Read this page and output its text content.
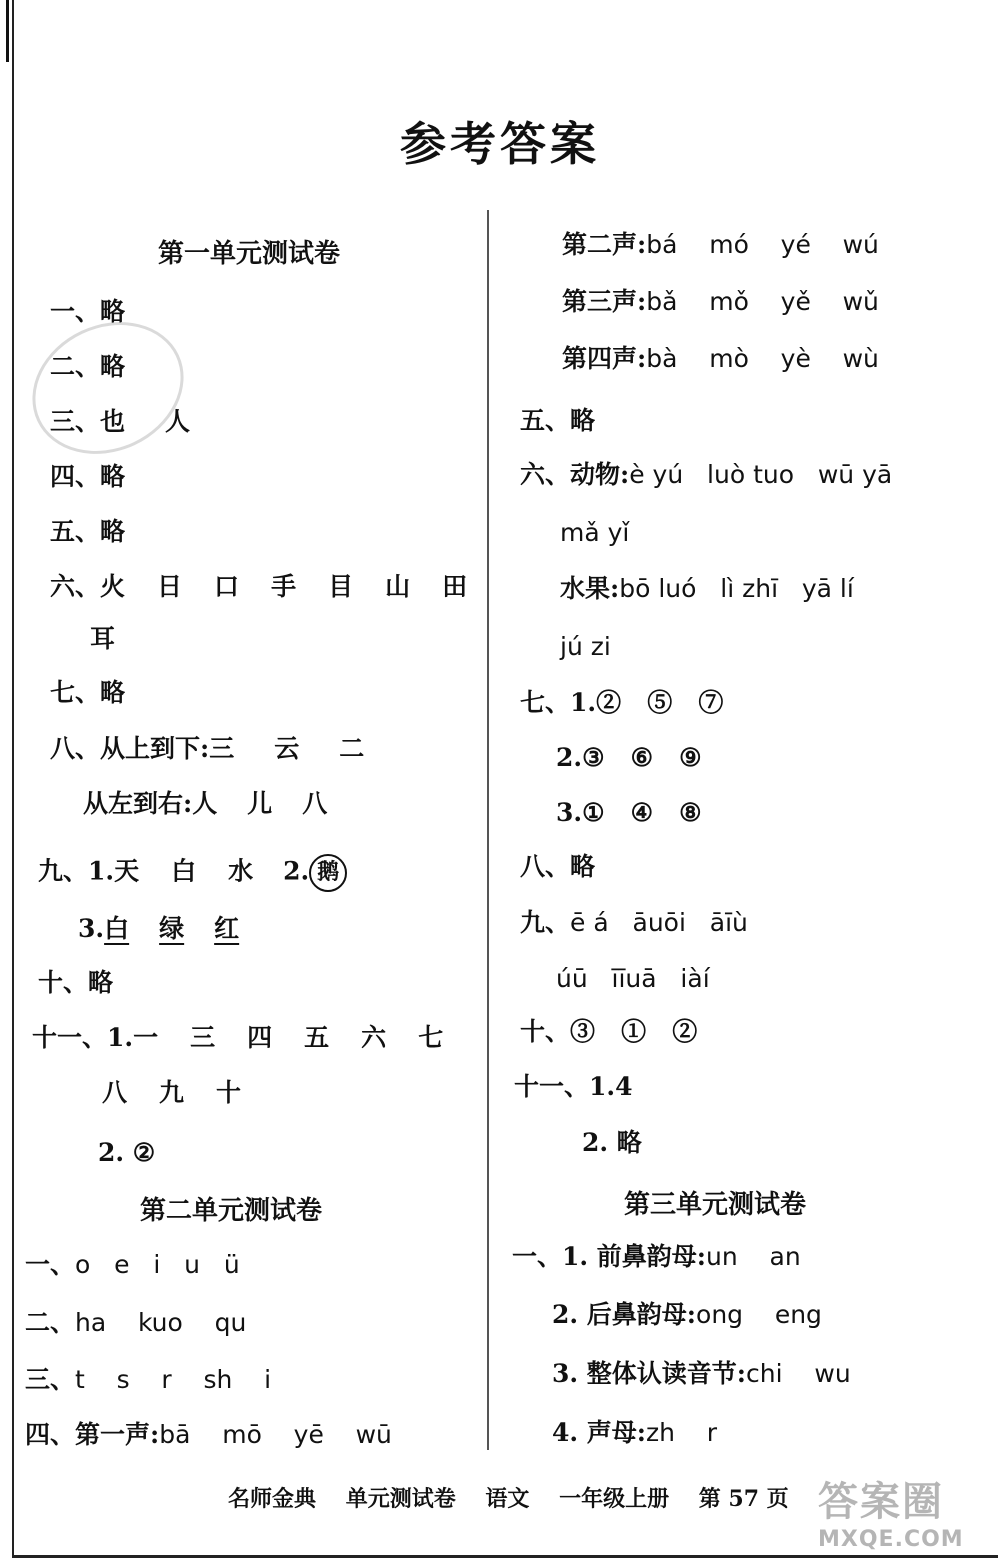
参考答案
第一单元测试卷
一、略
二、略
三、也 人
四、略
五、略
六、火 日 口 手 目 山 田
耳
七、略
八、从上到下:三 云 二
从左到右:人 儿 八
九、1.天 白 水 2. 鹅
3.白 绿 红
十、略
十一、1.一 三 四 五 六 七
八 九 十
2. ②
第二单元测试卷
一、o   e   i   u   ü
二、ha    kuo    qu
三、t    s    r    sh    i
四、第一声:bā    mō    yē    wū
第二声:bá    mó    yé    wú
第三声:bǎ    mǒ    yě    wǔ
第四声:bà    mò    yè    wù
五、略
六、动物:è yú   luò tuo   wū yā
mǎ yǐ
水果:bō luó   lì zhī   yā lí
jú zi
七、1.②   ⑤   ⑦
2.③   ⑥   ⑨
3.①   ④   ⑧
八、略
九、ē á   āuōi   āīù
úū   īīuā   iàí
十、③   ①   ②
十一、1.4
2. 略
第三单元测试卷
一、1. 前鼻韵母:un    an
2. 后鼻韵母:ong    eng
3. 整体认读音节:chi    wu
4. 声母:zh    r
名师金典 单元测试卷 语文 一年级上册 第 57 页 答案圈
MXQE.COM
